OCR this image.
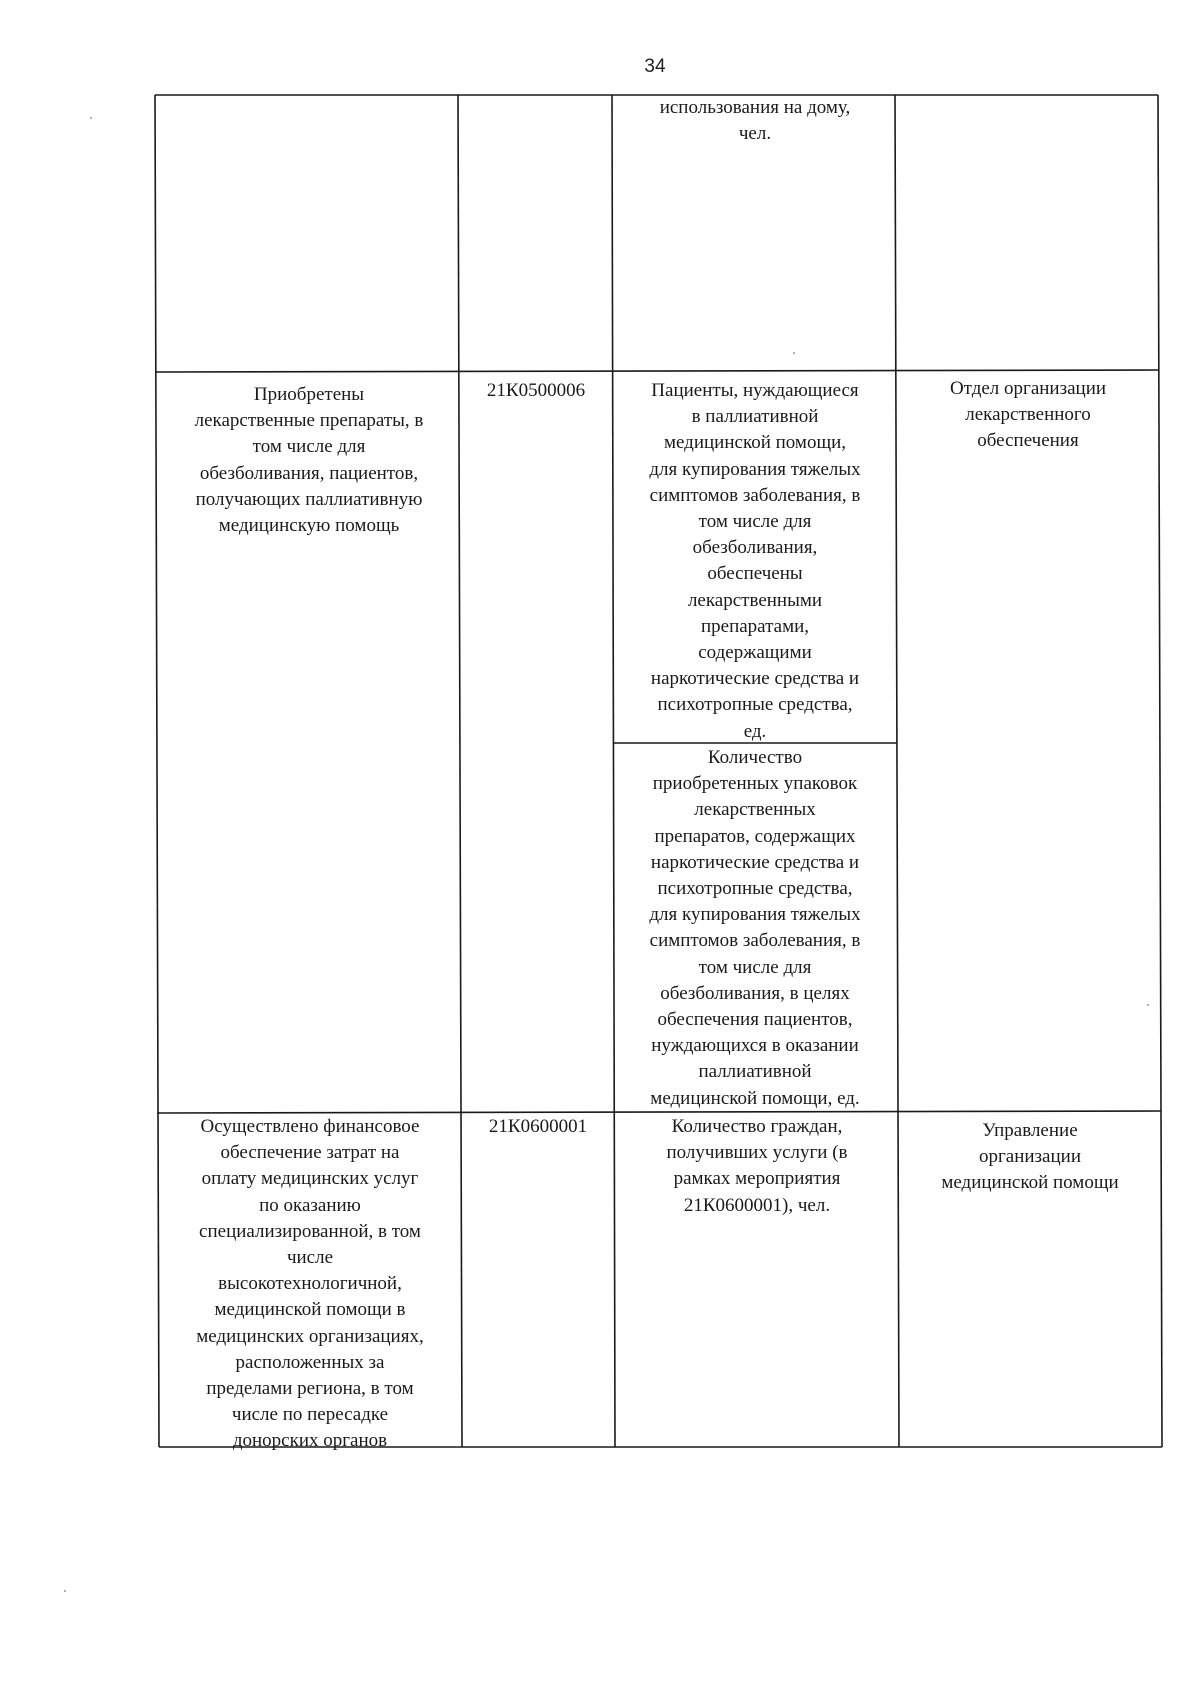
34
использования на дому,
чел.
Приобретены
лекарственные препараты, в
том числе для
обезболивания, пациентов,
получающих паллиативную
медицинскую помощь
21К0500006	Пациенты, нуждающиеся
в паллиативной
медицинской помощи,
для купирования тяжелых
симптомов заболевания, в
том числе для
обезболивания,
обеспечены
лекарственными
препаратами,
содержащими
наркотические средства и
психотропные средства,
ед.
Количество
приобретенных упаковок
лекарственных
препаратов, содержащих
наркотические средства и
психотропные средства,
для купирования тяжелых
симптомов заболевания, в
том числе для
обезболивания, в целях
обеспечения пациентов,
нуждающихся в оказании
паллиативной
медицинской помощи, ед.
Отдел организации
лекарственного
обеспечения
Осуществлено финансовое
обеспечение затрат на
оплату медицинских услуг
по оказанию
специализированной, в том
числе
высокотехнологичной,
медицинской помощи в
медицинских организациях,
расположенных за
пределами региона, в том
числе по пересадке
донорских органов
21К0600001	Количество граждан,
получивших услуги (в
рамках мероприятия
21К0600001), чел.
Управление
организации
медицинской помощи
